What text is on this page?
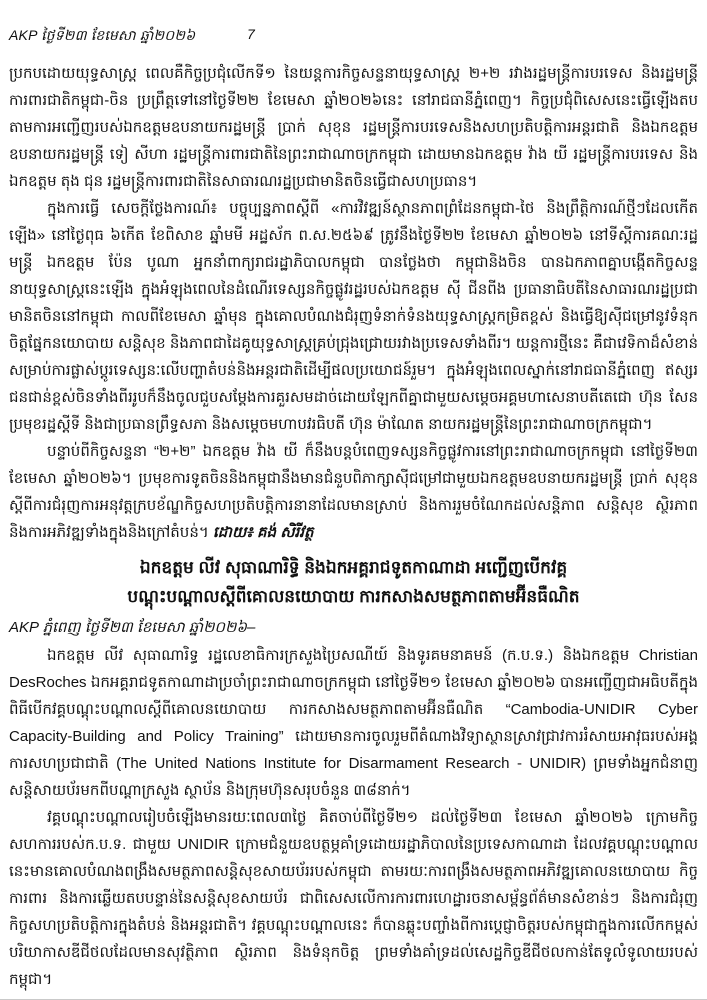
AKP ថ្ងៃទី២៣ ខែមេសា ឆ្នាំ២០២៦	7

ប្រកបដោយយុទ្ធសាស្ត្រ ពេលគឺកិច្ចប្រជុំលើកទី១ នៃយន្តការកិច្ចសន្ទនាយុទ្ធសាស្ត្រ ២+២ រវាងរដ្ឋមន្ត្រីការបរទេស និងរដ្ឋមន្ត្រីការពារជាតិកម្ពុជា-ចិន ប្រព្រឹត្តទៅនៅថ្ងៃទី២២ ខែមេសា ឆ្នាំ២០២៦នេះ នៅរាជធានីភ្នំពេញ។ កិច្ចប្រជុំពិសេសនេះធ្វើឡើងតបតាមការអញ្ជើញរបស់ឯកឧត្តមឧបនាយករដ្ឋមន្ត្រី ប្រាក់ សុខុន រដ្ឋមន្ត្រីការបរទេសនិងសហប្រតិបត្តិការអន្តរជាតិ និងឯកឧត្តមឧបនាយករដ្ឋមន្ត្រី ទៀ សីហា រដ្ឋមន្ត្រីការពារជាតិនៃព្រះរាជាណាចក្រកម្ពុជា ដោយមានឯកឧត្តម វ៉ាង យី រដ្ឋមន្ត្រីការបរទេស និងឯកឧត្តម តុង ជុន រដ្ឋមន្ត្រីការពារជាតិនៃសាធារណរដ្ឋប្រជាមានិតចិនធ្វើជាសហប្រធាន។

ក្នុងការធ្វើ សេចក្តីថ្លែងការណ៍៖ បច្ចុប្បន្នភាពស្តីពី «ការវិវឌ្ឍន៍ស្ថានភាពព្រំដែនកម្ពុជា-ថៃ និងព្រឹត្តិការណ៍ថ្មីៗដែលកើតឡើង» នៅថ្ងៃពុធ ៦កើត ខែពិសាខ ឆ្នាំមមី អដ្ឋស័ក ព.ស.២៥៦៩ ត្រូវនឹងថ្ងៃទី២២ ខែមេសា ឆ្នាំ២០២៦ នៅទីស្តីការគណៈរដ្ឋមន្ត្រី ឯកឧត្តម ប៉ែន បូណា អ្នកនាំពាក្យរាជរដ្ឋាភិបាលកម្ពុជា បានថ្លែងថា កម្ពុជានិងចិន បានឯកភាពគ្នាបង្កើតកិច្ចសន្ទនាយុទ្ធសាស្ត្រនេះឡើង ក្នុងអំឡុងពេលនៃដំណើរទេស្សនកិច្ចផ្លូវរដ្ឋរបស់ឯកឧត្តម ស៊ី ជីនពីង ប្រធានាធិបតីនៃសាធារណរដ្ឋប្រជាមានិតចិននៅកម្ពុជា កាលពីខែមេសា ឆ្នាំមុន ក្នុងគោលបំណងជំរុញទំនាក់ទំនងយុទ្ធសាស្ត្រកម្រិតខ្ពស់ និងធ្វើឱ្យស៊ីជម្រៅនូវទំនុកចិត្តផ្នែកនយោបាយ សន្តិសុខ និងភាពជាដៃគូយុទ្ធសាស្ត្រគ្រប់ជ្រុងជ្រោយរវាងប្រទេសទាំងពីរ។ យន្តការថ្មីនេះ គឺជាវេទិកាដ៏សំខាន់សម្រាប់ការផ្លាស់ប្តូរទេស្សនៈលើបញ្ហាតំបន់និងអន្តរជាតិដើម្បីផលប្រយោជន៍រួម។ ក្នុងអំឡុងពេលស្នាក់នៅរាជធានីភ្នំពេញ ឥស្សរជនជាន់ខ្ពស់ចិនទាំងពីររូបក៏នឹងចូលជួបសម្តែងការគួរសមដាច់ដោយឡែកពីគ្នាជាមួយសម្តេចអគ្គមហាសេនាបតីតេជោ ហ៊ុន សែន ប្រមុខរដ្ឋស្តីទី និងជាប្រធានព្រឹទ្ធសភា និងសម្តេចមហាបវរធិបតី ហ៊ុន ម៉ាណែត នាយករដ្ឋមន្ត្រីនៃព្រះរាជាណាចក្រកម្ពុជា។

បន្ទាប់ពីកិច្ចសន្ទនា “២+២” ឯកឧត្តម វ៉ាង យី ក៏នឹងបន្តបំពេញទស្សនកិច្ចផ្លូវការនៅព្រះរាជាណាចក្រកម្ពុជា នៅថ្ងៃទី២៣ ខែមេសា ឆ្នាំ២០២៦។ ប្រមុខការទូតចិននិងកម្ពុជានឹងមានជំនួបពិភាក្សាស៊ីជម្រៅជាមួយឯកឧត្តមឧបនាយករដ្ឋមន្ត្រី ប្រាក់ សុខុន ស្តីពីការជំរុញការអនុវត្តក្របខ័ណ្ឌកិច្ចសហប្រតិបត្តិការនានាដែលមានស្រាប់ និងការរួមចំណែកដល់សន្តិភាព សន្តិសុខ ស្ថិរភាព និងការអភិវឌ្ឍទាំងក្នុងនិងក្រៅតំបន់។ ដោយ៖ គង់ សិរីវត្ថ

ឯកឧត្តម លីវ សុធាណារិទ្ធិ និងឯកអគ្គរាជទូតកាណាដា អញ្ជើញបើកវគ្គ
បណ្តុះបណ្តាលស្តីពីគោលនយោបាយ ការកសាងសមត្ថភាពតាមអ៊ីនធឺណិត

AKP ភ្នំពេញ ថ្ងៃទី២៣ ខែមេសា ឆ្នាំ២០២៦–

ឯកឧត្តម លីវ សុធាណារិទ្ធ រដ្ឋលេខាធិការក្រសួងប្រៃសណីយ៍ និងទូរគមនាគមន៍ (ក.ប.ទ.) និងឯកឧត្តម Christian DesRoches ឯកអគ្គរាជទូតកាណាដាប្រចាំព្រះរាជាណាចក្រកម្ពុជា នៅថ្ងៃទី២១ ខែមេសា ឆ្នាំ២០២៦ បានអញ្ជើញជាអធិបតីក្នុងពិធីបើកវគ្គបណ្តុះបណ្តាលស្តីពីគោលនយោបាយ ការកសាងសមត្ថភាពតាមអ៊ីនធឺណិត “Cambodia-UNIDIR Cyber Capacity-Building and Policy Training” ដោយមានការចូលរួមពីតំណាងវិទ្យាស្ថានស្រាវជ្រាវការរំសាយអាវុធរបស់អង្គការសហប្រជាជាតិ (The United Nations Institute for Disarmament Research - UNIDIR) ព្រមទាំងអ្នកជំនាញសន្តិសាយប័រមកពីបណ្តាក្រសួង ស្ថាប័ន និងក្រុមហ៊ុនសរុបចំនួន ៣៨នាក់។

វគ្គបណ្តុះបណ្តាលរៀបចំឡើងមានរយៈពេល៣ថ្ងៃ គិតចាប់ពីថ្ងៃទី២១ ដល់ថ្ងៃទី២៣ ខែមេសា ឆ្នាំ២០២៦ ក្រោមកិច្ចសហការរបស់ក.ប.ទ. ជាមួយ UNIDIR ក្រោមជំនួយឧបត្ថម្ភគាំទ្រដោយរដ្ឋាភិបាលនៃប្រទេសកាណាដា ដែលវគ្គបណ្តុះបណ្តាលនេះមានគោលបំណងពង្រឹងសមត្ថភាពសន្តិសុខសាយប័ររបស់កម្ពុជា តាមរយៈការពង្រឹងសមត្ថភាពអភិវឌ្ឍគោលនយោបាយ កិច្ចការពារ និងការឆ្លើយតបបន្ទាន់នៃសន្តិសុខសាយប័រ ជាពិសេសលើការការពារហេដ្ឋារចនាសម្ព័ន្ធព័ត៌មានសំខាន់ៗ និងការជំរុញកិច្ចសហប្រតិបត្តិការក្នុងតំបន់ និងអន្តរជាតិ។ វគ្គបណ្តុះបណ្តាលនេះ ក៏បានឆ្លុះបញ្ចាំងពីការប្តេជ្ញាចិត្តរបស់កម្ពុជាក្នុងការលើកកម្ពស់បរិយាកាសឌីជីថលដែលមានសុវត្ថិភាព ស្ថិរភាព និងទំនុកចិត្ត ព្រមទាំងគាំទ្រដល់សេដ្ឋកិច្ចឌីជីថលកាន់តែទូលំទូលាយរបស់កម្ពុជា។
